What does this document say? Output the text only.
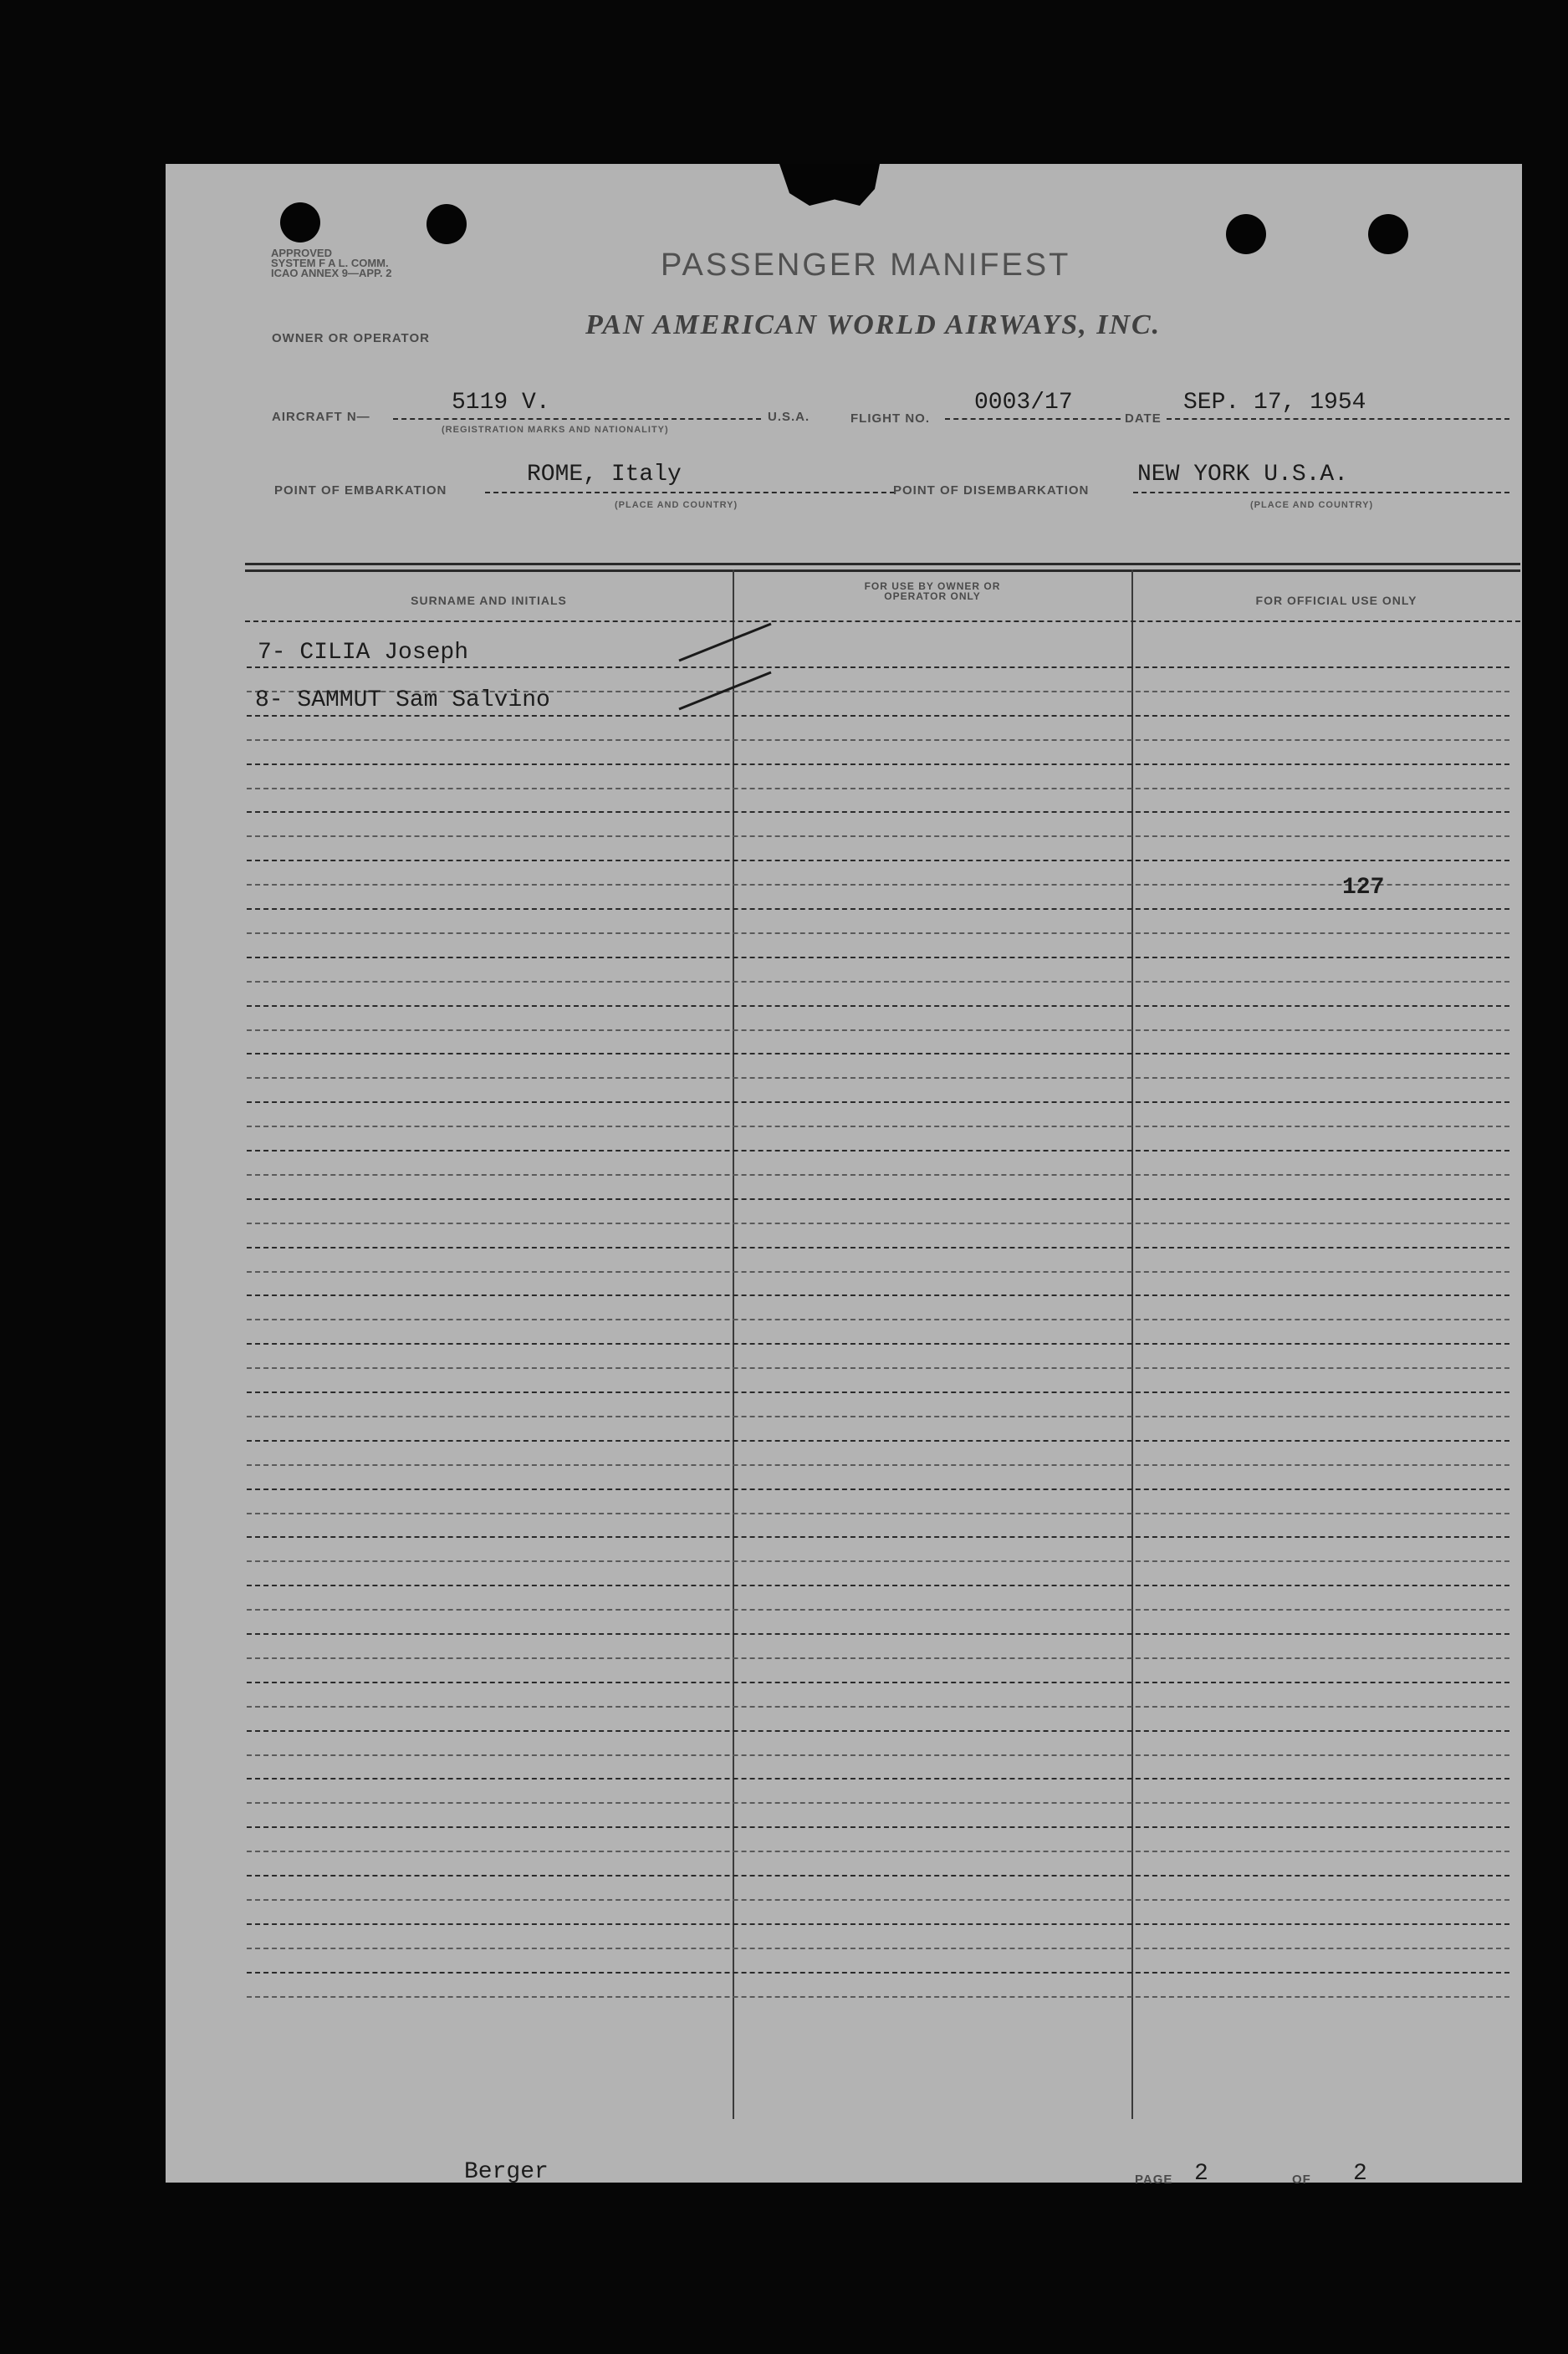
APPROVED
SYSTEM F A L. COMM.
ICAO ANNEX 9—APP. 2	PASSENGER MANIFEST
OWNER OR OPERATOR	PAN AMERICAN WORLD AIRWAYS, INC.
AIRCRAFT N—
5119 V.
(REGISTRATION MARKS AND NATIONALITY)
U.S.A.	FLIGHT NO.
0003/17
DATE
SEP. 17, 1954
POINT OF EMBARKATION
ROME, Italy
(PLACE AND COUNTRY)
POINT OF DISEMBARKATION
NEW YORK U.S.A.
(PLACE AND COUNTRY)
SURNAME AND INITIALS
FOR USE BY OWNER OR OPERATOR ONLY	FOR OFFICIAL USE ONLY
7- CILIA Joseph
8- SAMMUT Sam Salvino
127
Berger	PAGE 2	OF 2
